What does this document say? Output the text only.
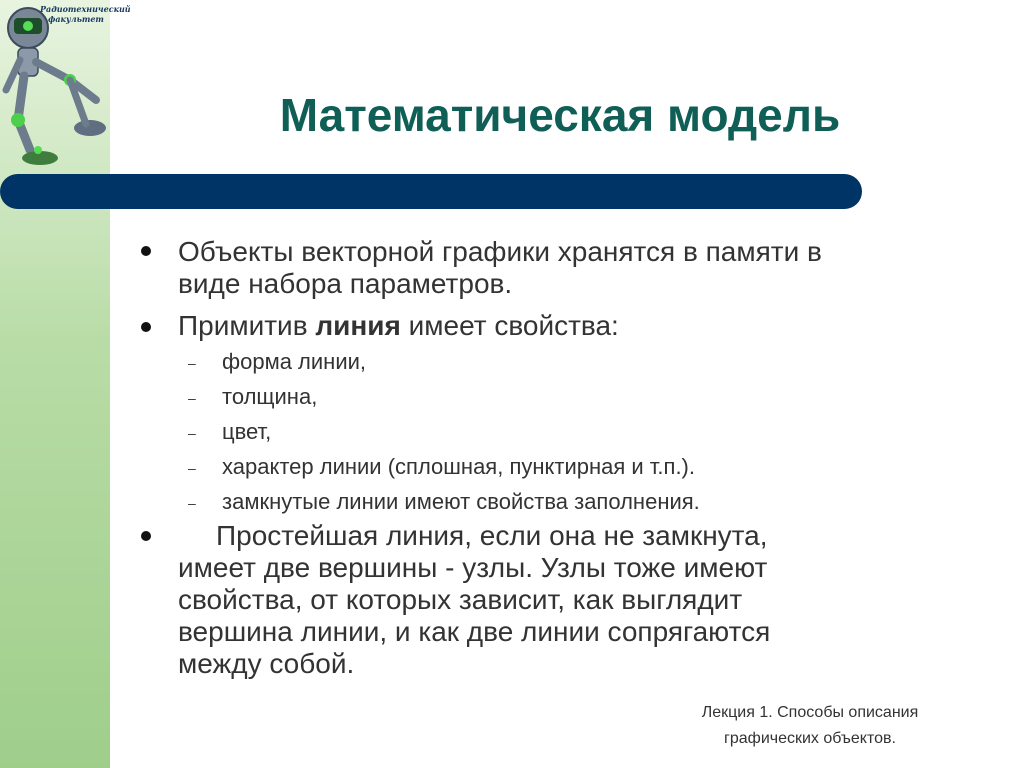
Радиотехнический
факультет
Математическая модель
Объекты векторной графики хранятся в памяти в
виде набора параметров.
Примитив линия имеет свойства:
– форма линии,
– толщина,
– цвет,
– характер линии (сплошная, пунктирная и т.п.).
– замкнутые линии имеют свойства заполнения.
Простейшая линия, если она не замкнута,
имеет две вершины - узлы. Узлы тоже имеют
свойства, от которых зависит, как выглядит
вершина линии, и как две линии сопрягаются
между собой.
Лекция 1. Способы описания
графических объектов.
